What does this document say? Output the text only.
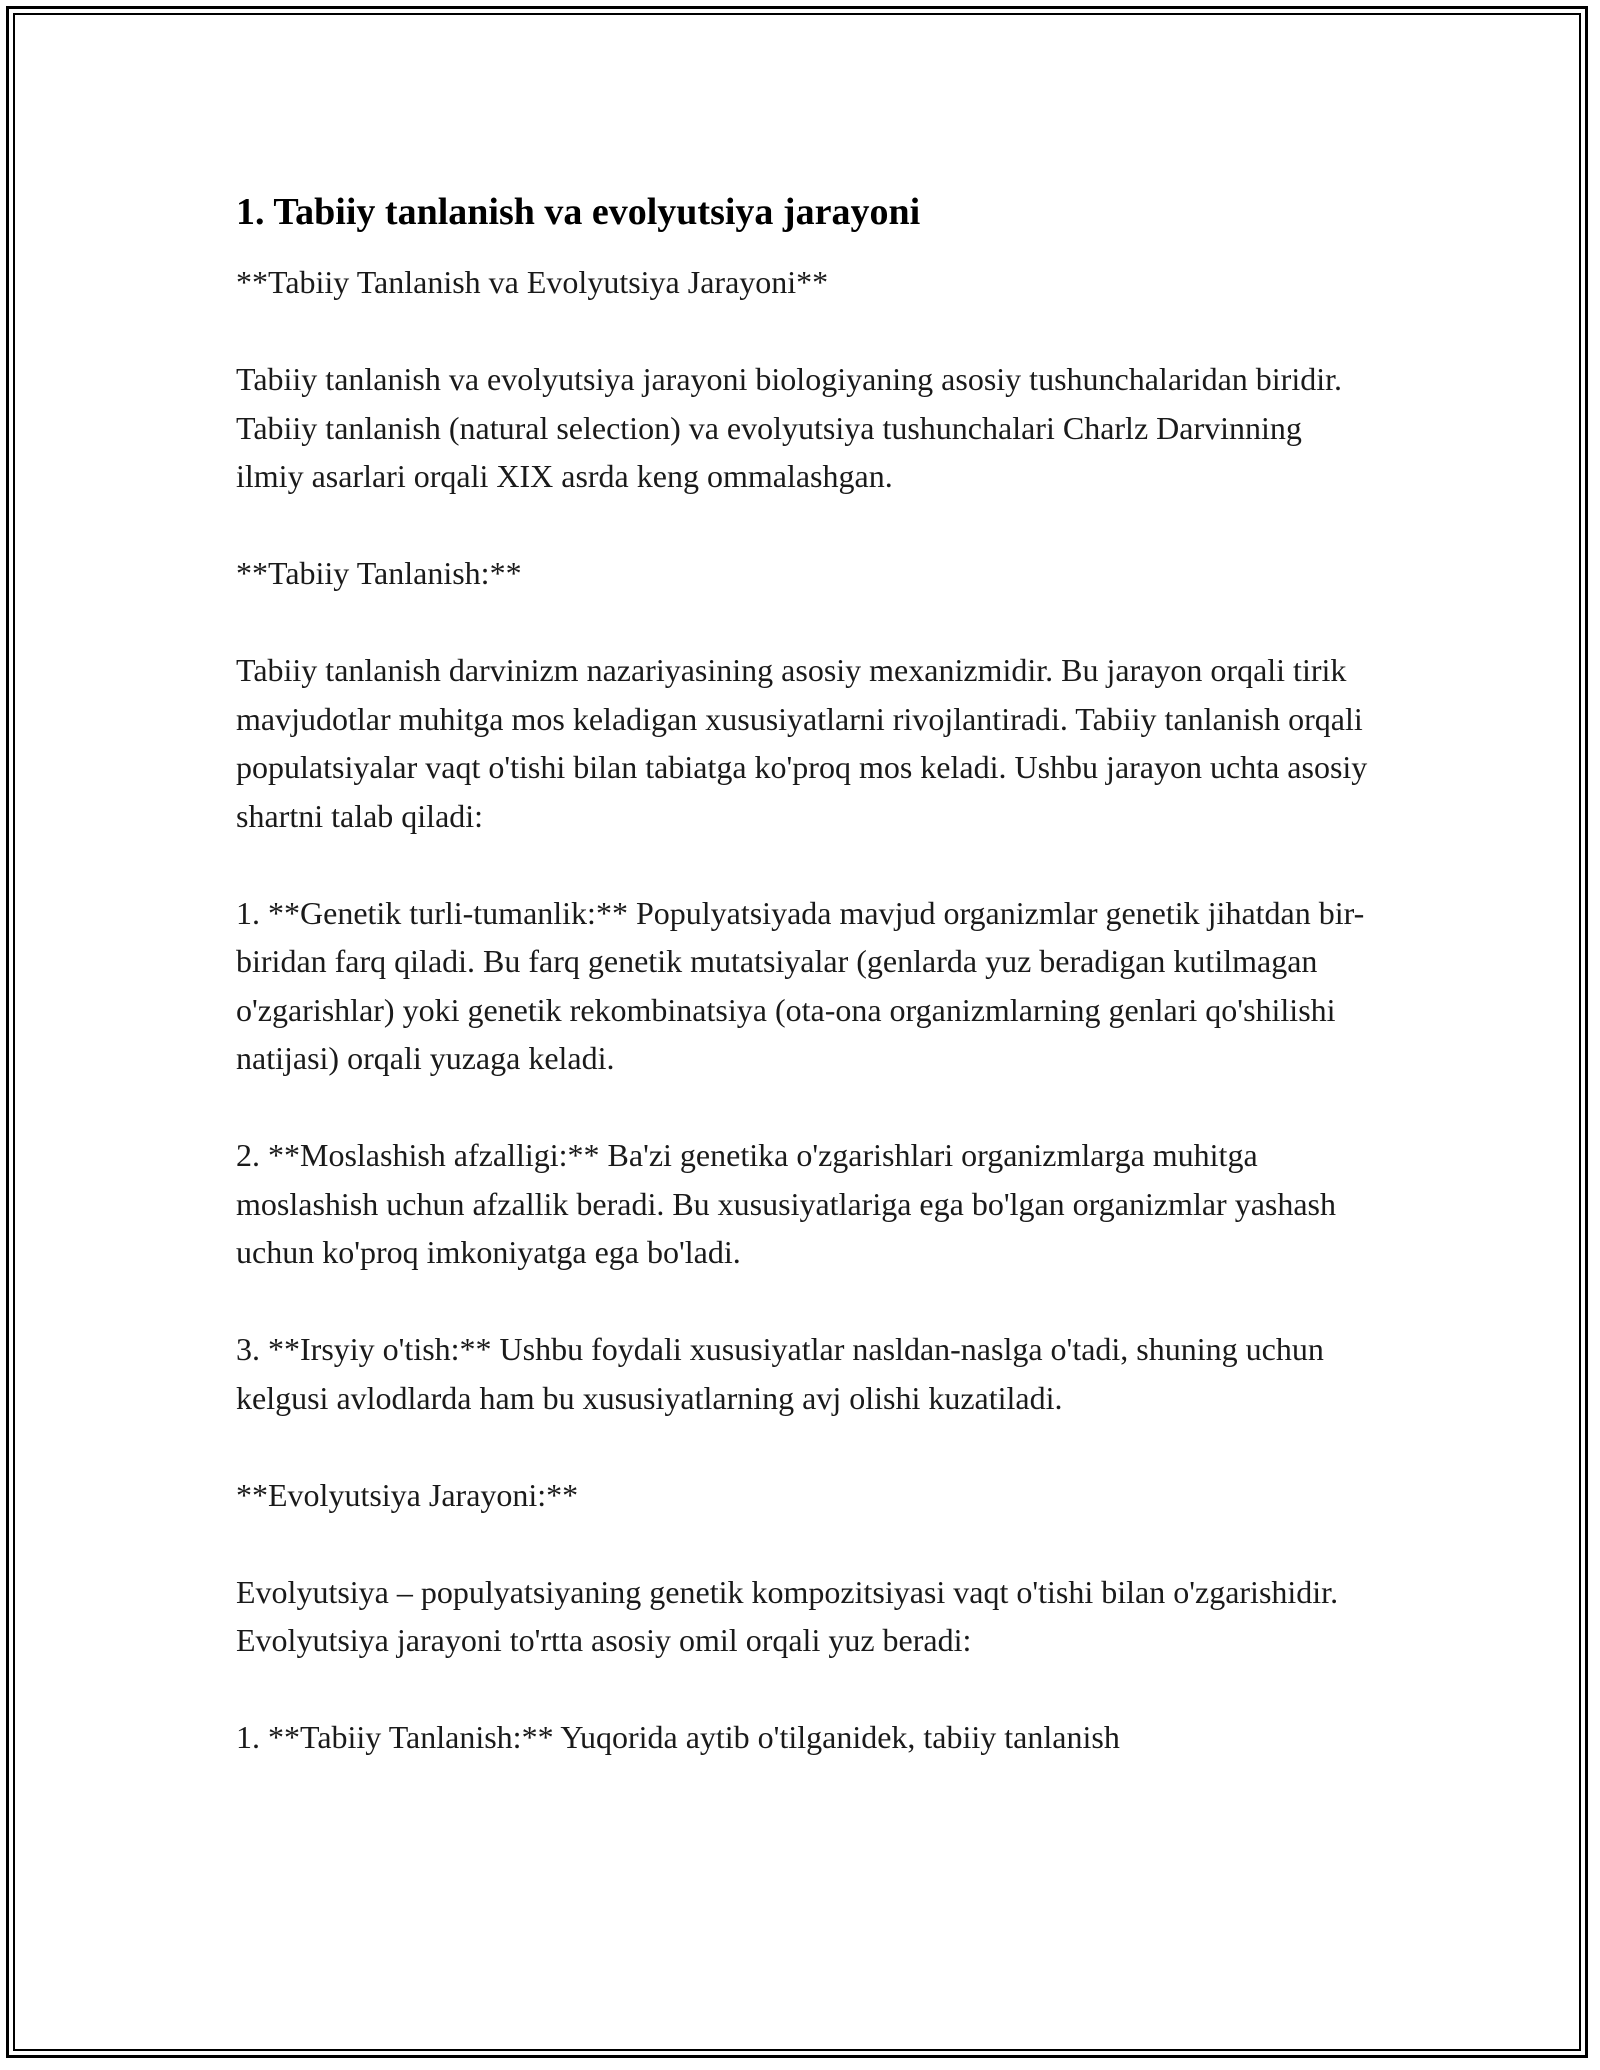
1. Tabiiy tanlanish va evolyutsiya jarayoni

**Tabiiy Tanlanish va Evolyutsiya Jarayoni**

Tabiiy tanlanish va evolyutsiya jarayoni biologiyaning asosiy tushunchalaridan biridir. Tabiiy tanlanish (natural selection) va evolyutsiya tushunchalari Charlz Darvinning ilmiy asarlari orqali XIX asrda keng ommalashgan.

**Tabiiy Tanlanish:**

Tabiiy tanlanish darvinizm nazariyasining asosiy mexanizmidir. Bu jarayon orqali tirik mavjudotlar muhitga mos keladigan xususiyatlarni rivojlantiradi. Tabiiy tanlanish orqali populatsiyalar vaqt o'tishi bilan tabiatga ko'proq mos keladi. Ushbu jarayon uchta asosiy shartni talab qiladi:

1. **Genetik turli-tumanlik:** Populyatsiyada mavjud organizmlar genetik jihatdan bir-biridan farq qiladi. Bu farq genetik mutatsiyalar (genlarda yuz beradigan kutilmagan o'zgarishlar) yoki genetik rekombinatsiya (ota-ona organizmlarning genlari qo'shilishi natijasi) orqali yuzaga keladi.

2. **Moslashish afzalligi:** Ba'zi genetika o'zgarishlari organizmlarga muhitga moslashish uchun afzallik beradi. Bu xususiyatlariga ega bo'lgan organizmlar yashash uchun ko'proq imkoniyatga ega bo'ladi.

3. **Irsyiy o'tish:** Ushbu foydali xususiyatlar nasldan-naslga o'tadi, shuning uchun kelgusi avlodlarda ham bu xususiyatlarning avj olishi kuzatiladi.

**Evolyutsiya Jarayoni:**

Evolyutsiya – populyatsiyaning genetik kompozitsiyasi vaqt o'tishi bilan o'zgarishidir. Evolyutsiya jarayoni to'rtta asosiy omil orqali yuz beradi:

1. **Tabiiy Tanlanish:** Yuqorida aytib o'tilganidek, tabiiy tanlanish
